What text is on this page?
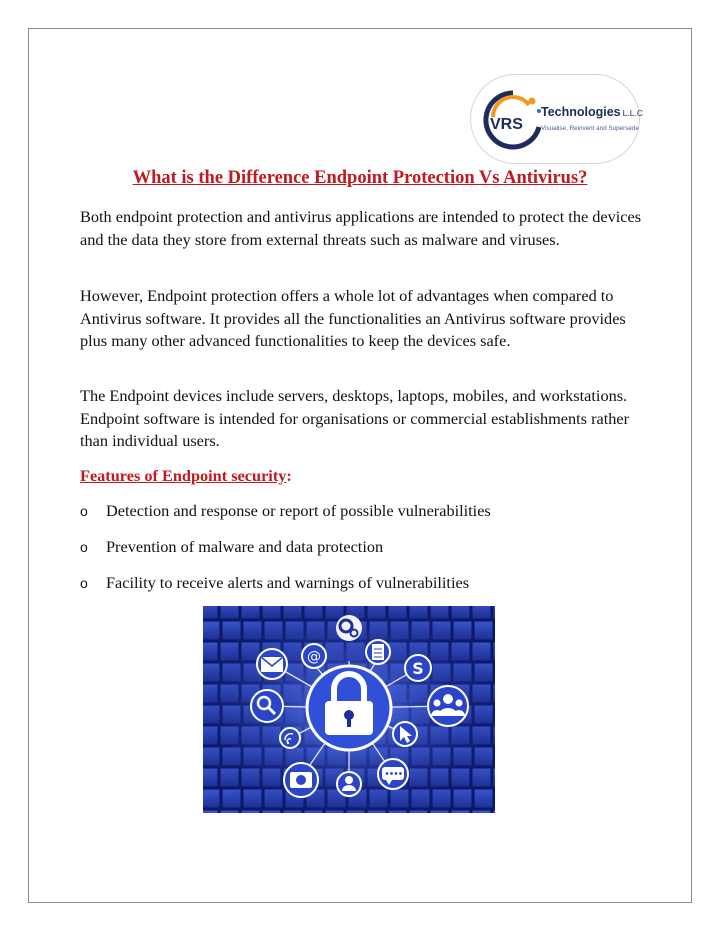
VRS
Technologies L.L.C
Visualise, Reinvent and Supersede
What is the Difference Endpoint Protection Vs Antivirus?

Both endpoint protection and antivirus applications are intended to protect the devices and the data they store from external threats such as malware and viruses.

However, Endpoint protection offers a whole lot of advantages when compared to Antivirus software. It provides all the functionalities an Antivirus software provides plus many other advanced functionalities to keep the devices safe.

The Endpoint devices include servers, desktops, laptops, mobiles, and workstations. Endpoint software is intended for organisations or commercial establishments rather than individual users.

Features of Endpoint security:
o	Detection and response or report of possible vulnerabilities
o	Prevention of malware and data protection
o	Facility to receive alerts and warnings of vulnerabilities
@
S
